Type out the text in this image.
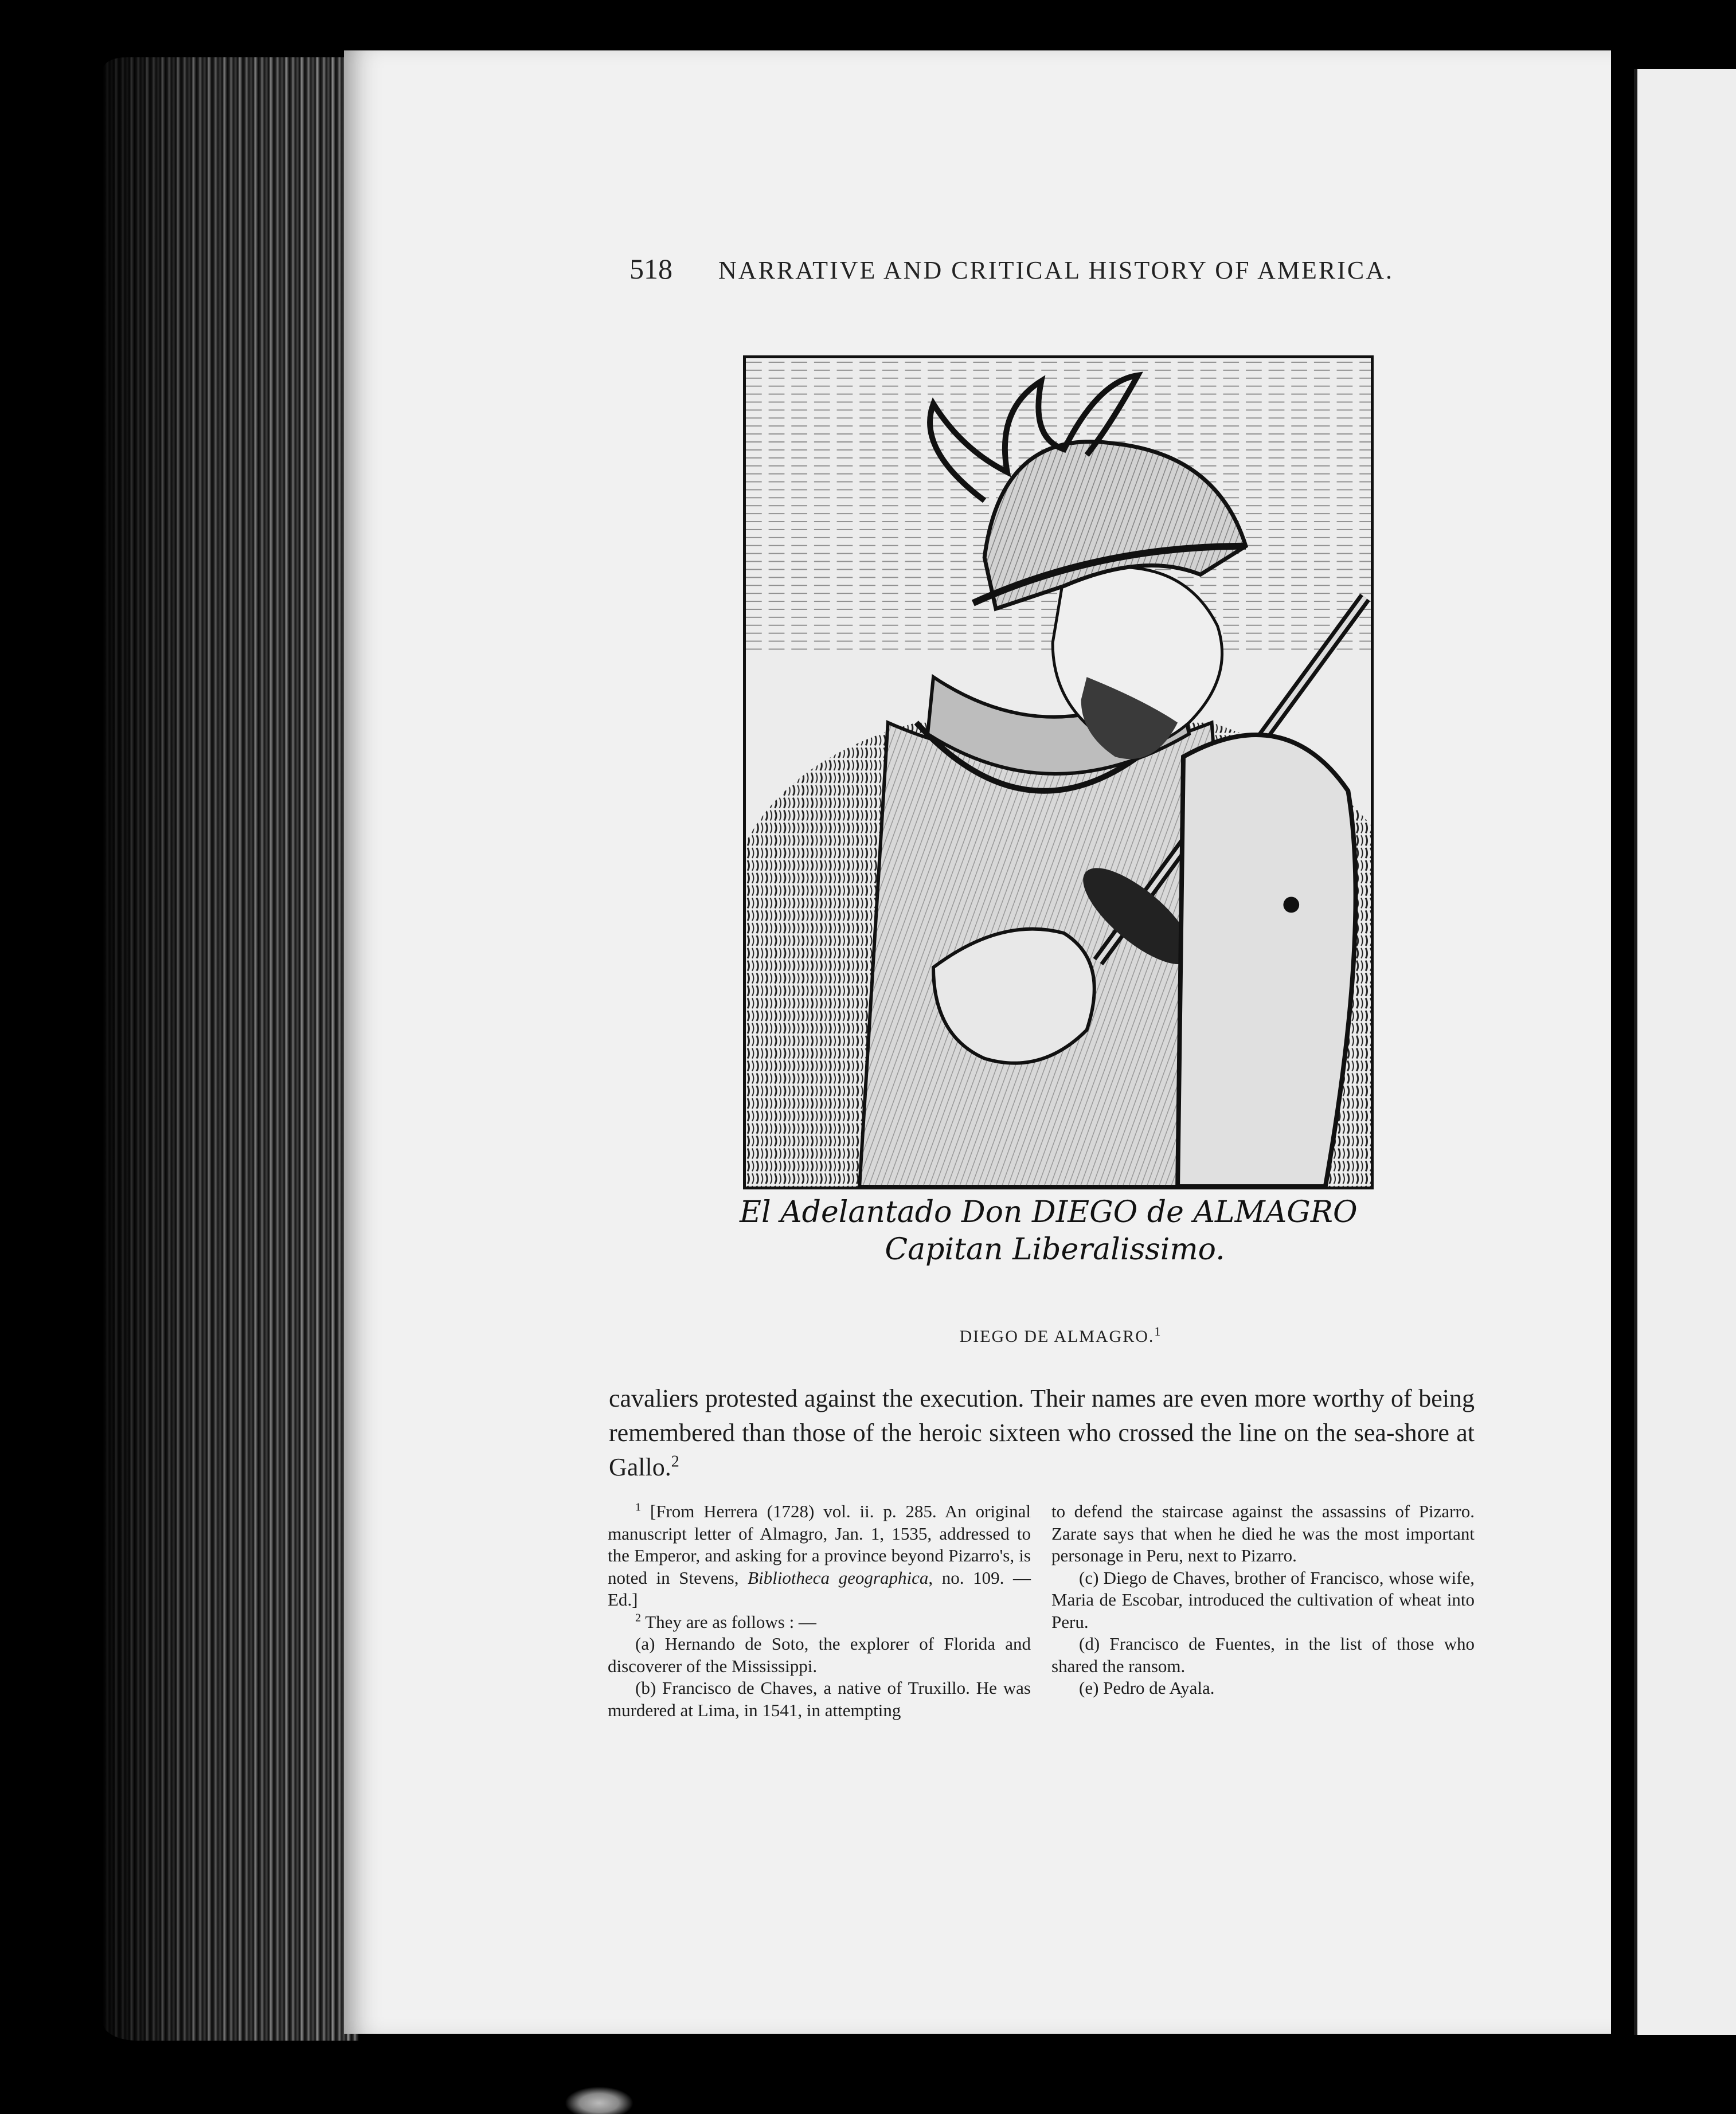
518 NARRATIVE AND CRITICAL HISTORY OF AMERICA.
El Adelantado Don DIEGO de ALMAGRO
Capitan Liberalissimo.
DIEGO DE ALMAGRO.$^1$
cavaliers protested against the execution. Their names are even more worthy of being remembered than those of the heroic sixteen who crossed the line on the sea-shore at Gallo.$^2$

$^1$ [From Herrera (1728) vol. ii. p. 285. An original manuscript letter of Almagro, Jan. 1, 1535, addressed to the Emperor, and asking for a province beyond Pizarro's, is noted in Stevens, Bibliotheca geographica, no. 109. — Ed.]

$^2$ They are as follows : —

(a) Hernando de Soto, the explorer of Florida and discoverer of the Mississippi.

(b) Francisco de Chaves, a native of Truxillo. He was murdered at Lima, in 1541, in attempting

to defend the staircase against the assassins of Pizarro. Zarate says that when he died he was the most important personage in Peru, next to Pizarro.

(c) Diego de Chaves, brother of Francisco, whose wife, Maria de Escobar, introduced the cultivation of wheat into Peru.

(d) Francisco de Fuentes, in the list of those who shared the ransom.

(e) Pedro de Ayala.
